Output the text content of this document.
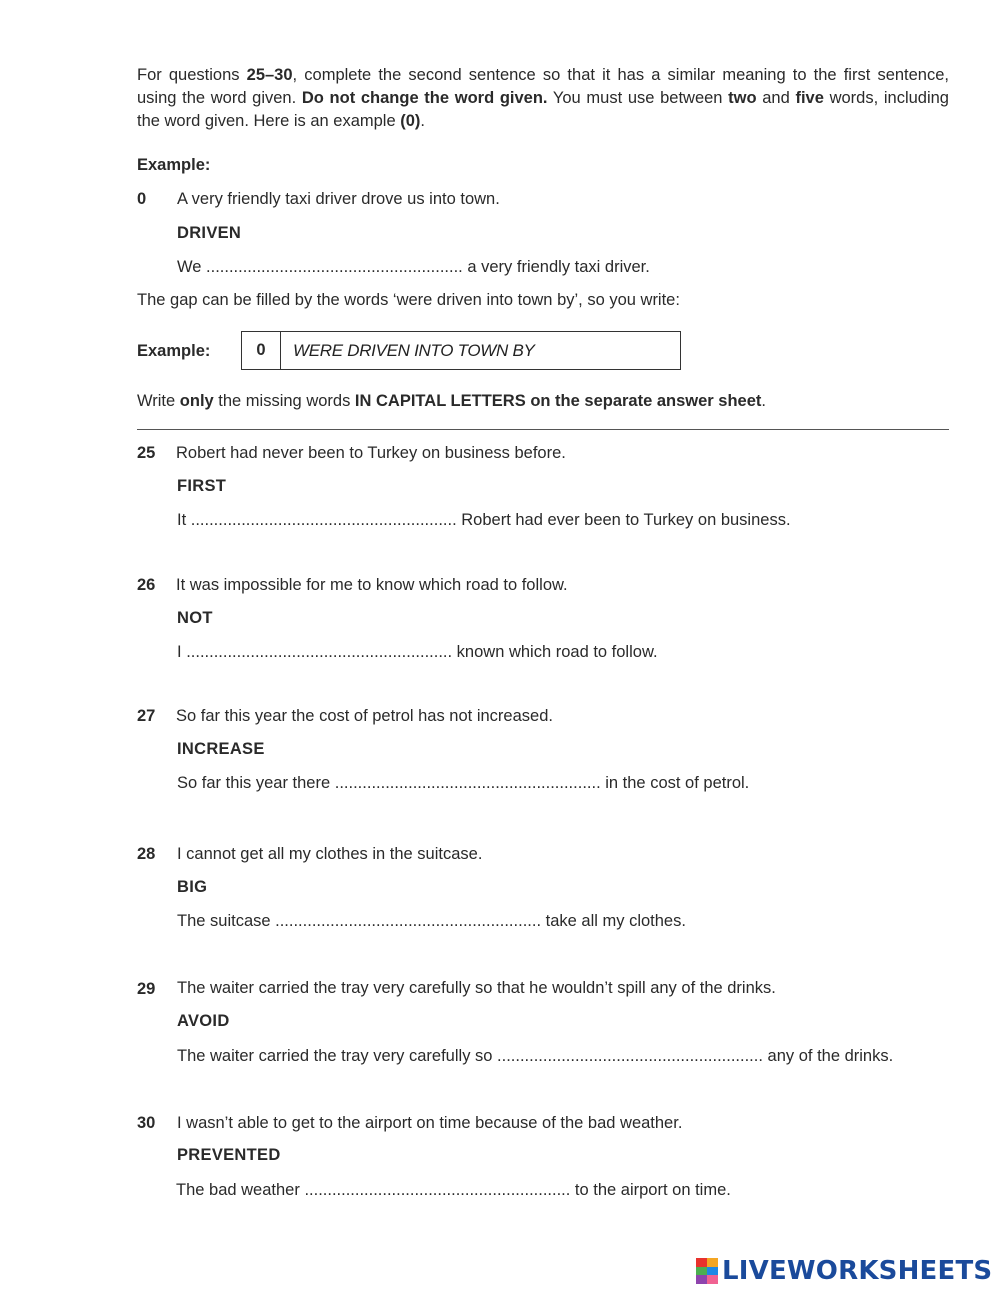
For questions 25–30, complete the second sentence so that it has a similar meaning to the first sentence, using the word given. Do not change the word given. You must use between two and five words, including the word given. Here is an example (0).
Example:
0 A very friendly taxi driver drove us into town.
DRIVEN
We ........................................................ a very friendly taxi driver.
The gap can be filled by the words ‘were driven into town by’, so you write:
Example:	0	WERE DRIVEN INTO TOWN BY
Write only the missing words IN CAPITAL LETTERS on the separate answer sheet.
25 Robert had never been to Turkey on business before.
FIRST
It .......................................................... Robert had ever been to Turkey on business.
26 It was impossible for me to know which road to follow.
NOT
I .......................................................... known which road to follow.
27 So far this year the cost of petrol has not increased.
INCREASE
So far this year there .......................................................... in the cost of petrol.
28 I cannot get all my clothes in the suitcase.
BIG
The suitcase .......................................................... take all my clothes.
29 The waiter carried the tray very carefully so that he wouldn’t spill any of the drinks.
AVOID
The waiter carried the tray very carefully so .......................................................... any of the drinks.
30 I wasn’t able to get to the airport on time because of the bad weather.
PREVENTED
The bad weather .......................................................... to the airport on time.
LIVEWORKSHEETS
